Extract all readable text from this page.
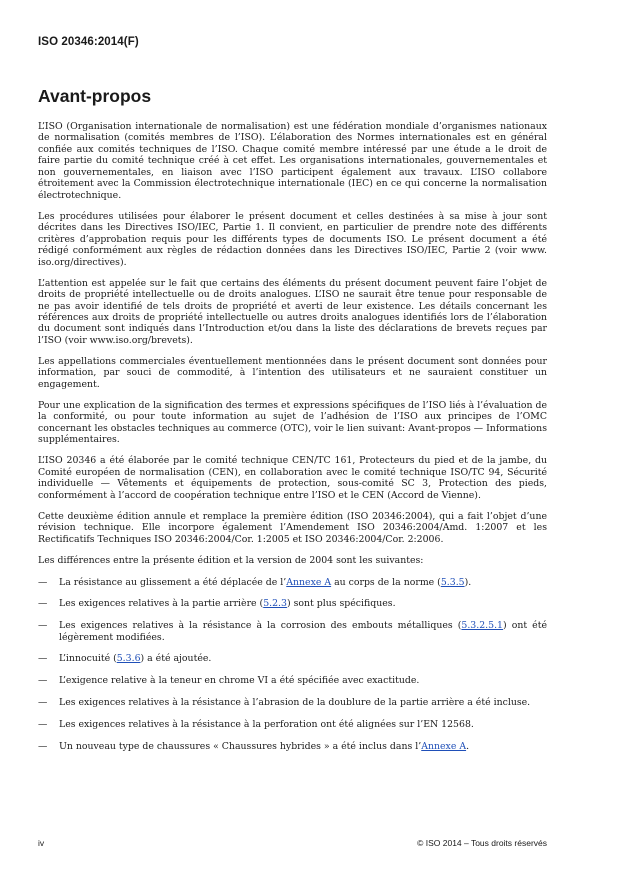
ISO 20346:2014(F)
Avant-propos

L’ISO (Organisation internationale de normalisation) est une fédération mondiale d’organismes nationaux de normalisation (comités membres de l’ISO). L’élaboration des Normes internationales est en général confiée aux comités techniques de l’ISO. Chaque comité membre intéressé par une étude a le droit de faire partie du comité technique créé à cet effet. Les organisations internationales, gouvernementales et non gouvernementales, en liaison avec l’ISO participent également aux travaux. L’ISO collabore étroitement avec la Commission électrotechnique internationale (IEC) en ce qui concerne la normalisation électrotechnique.

Les procédures utilisées pour élaborer le présent document et celles destinées à sa mise à jour sont décrites dans les Directives ISO/IEC, Partie 1. Il convient, en particulier de prendre note des différents critères d’approbation requis pour les différents types de documents ISO. Le présent document a été rédigé conformément aux règles de rédaction données dans les Directives ISO/IEC, Partie 2 (voir www. iso.org/directives).

L’attention est appelée sur le fait que certains des éléments du présent document peuvent faire l’objet de droits de propriété intellectuelle ou de droits analogues. L’ISO ne saurait être tenue pour responsable de ne pas avoir identifié de tels droits de propriété et averti de leur existence. Les détails concernant les références aux droits de propriété intellectuelle ou autres droits analogues identifiés lors de l’élaboration du document sont indiqués dans l’Introduction et/ou dans la liste des déclarations de brevets reçues par l’ISO (voir www.iso.org/brevets).

Les appellations commerciales éventuellement mentionnées dans le présent document sont données pour information, par souci de commodité, à l’intention des utilisateurs et ne sauraient constituer un engagement.

Pour une explication de la signification des termes et expressions spécifiques de l’ISO liés à l’évaluation de la conformité, ou pour toute information au sujet de l’adhésion de l’ISO aux principes de l’OMC concernant les obstacles techniques au commerce (OTC), voir le lien suivant: Avant-propos — Informations supplémentaires.

L’ISO 20346 a été élaborée par le comité technique CEN/TC 161, Protecteurs du pied et de la jambe, du Comité européen de normalisation (CEN), en collaboration avec le comité technique ISO/TC 94, Sécurité individuelle — Vêtements et équipements de protection, sous-comité SC 3, Protection des pieds, conformément à l’accord de coopération technique entre l’ISO et le CEN (Accord de Vienne).

Cette deuxième édition annule et remplace la première édition (ISO 20346:2004), qui a fait l’objet d’une révision technique. Elle incorpore également l’Amendement ISO 20346:2004/Amd. 1:2007 et les Rectificatifs Techniques ISO 20346:2004/Cor. 1:2005 et ISO 20346:2004/Cor. 2:2006.

Les différences entre la présente édition et la version de 2004 sont les suivantes:

— La résistance au glissement a été déplacée de l’Annexe A au corps de la norme (5.3.5).
— Les exigences relatives à la partie arrière (5.2.3) sont plus spécifiques.
— Les exigences relatives à la résistance à la corrosion des embouts métalliques (5.3.2.5.1) ont été légèrement modifiées.
— L’innocuité (5.3.6) a été ajoutée.
— L’exigence relative à la teneur en chrome VI a été spécifiée avec exactitude.
— Les exigences relatives à la résistance à l’abrasion de la doublure de la partie arrière a été incluse.
— Les exigences relatives à la résistance à la perforation ont été alignées sur l’EN 12568.
— Un nouveau type de chaussures « Chaussures hybrides » a été inclus dans l’Annexe A.
iv	© ISO 2014 – Tous droits réservés
